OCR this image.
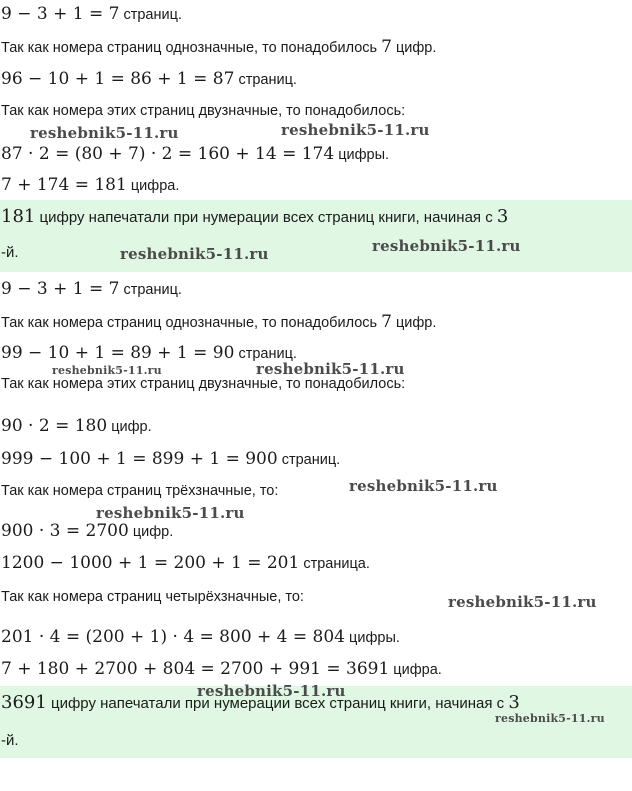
9 − 3 + 1 = 7 страниц.
Так как номера страниц однозначные, то понадобилось 7 цифр.
96 − 10 + 1 = 86 + 1 = 87 страниц.
Так как номера этих страниц двузначные, то понадобилось:
87 · 2 = (80 + 7) · 2 = 160 + 14 = 174 цифры.
7 + 174 = 181 цифра.
181 цифру напечатали при нумерации всех страниц книги, начиная с 3
-й.
9 − 3 + 1 = 7 страниц.
Так как номера страниц однозначные, то понадобилось 7 цифр.
99 − 10 + 1 = 89 + 1 = 90 страниц.
Так как номера этих страниц двузначные, то понадобилось:
90 · 2 = 180 цифр.
999 − 100 + 1 = 899 + 1 = 900 страниц.
Так как номера страниц трёхзначные, то:
900 · 3 = 2700 цифр.
1200 − 1000 + 1 = 200 + 1 = 201 страница.
Так как номера страниц четырёхзначные, то:
201 · 4 = (200 + 1) · 4 = 800 + 4 = 804 цифры.
7 + 180 + 2700 + 804 = 2700 + 991 = 3691 цифра.
3691 цифру напечатали при нумерации всех страниц книги, начиная с 3
-й.
reshebnik5-11.ru	reshebnik5-11.ru
reshebnik5-11.ru	reshebnik5-11.ru
reshebnik5-11.ru	reshebnik5-11.ru
reshebnik5-11.ru
reshebnik5-11.ru
reshebnik5-11.ru
reshebnik5-11.ru
reshebnik5-11.ru
